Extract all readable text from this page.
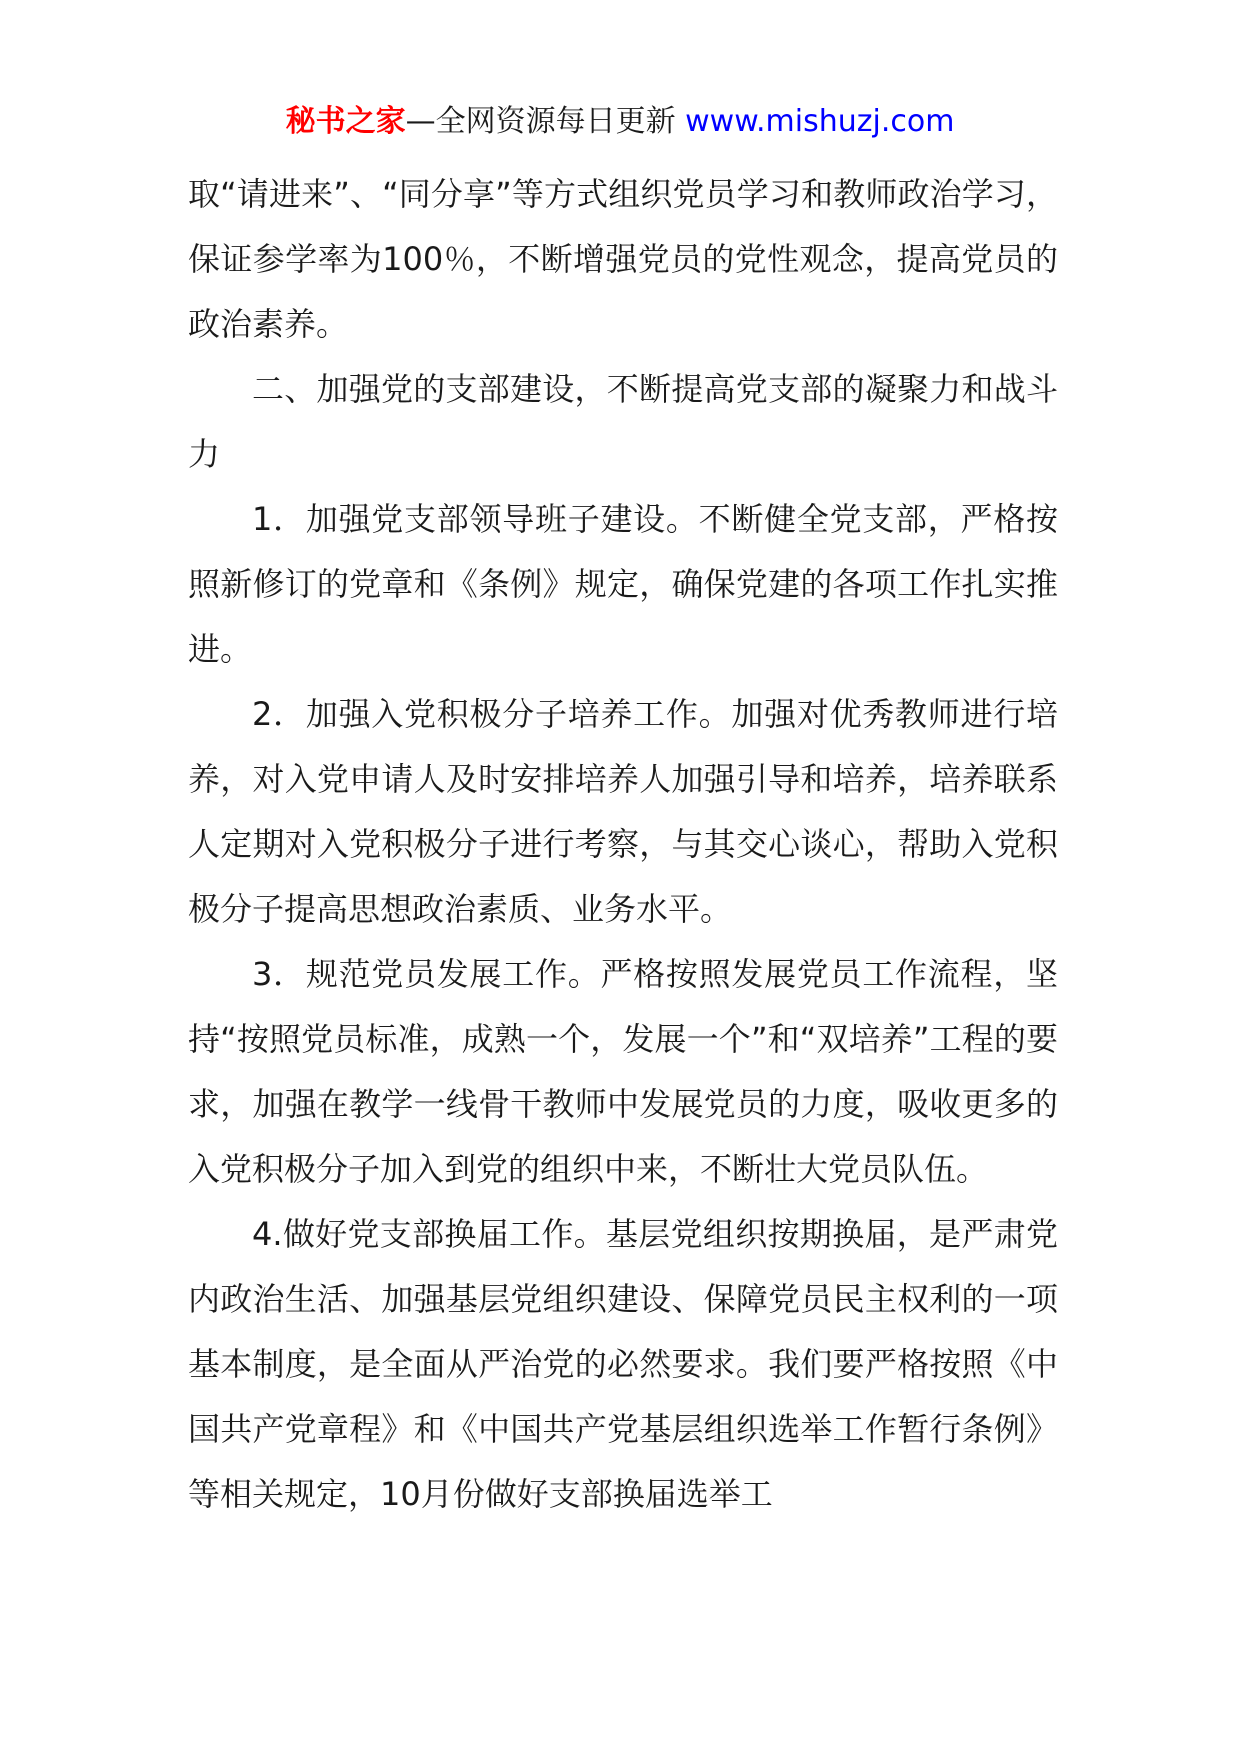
秘书之家—全网资源每日更新 www.mishuzj.com

取“请进来”、“同分享”等方式组织党员学习和教师政治学习，保证参学率为100％，不断增强党员的党性观念，提高党员的政治素养。

二、加强党的支部建设，不断提高党支部的凝聚力和战斗力

1．加强党支部领导班子建设。不断健全党支部，严格按照新修订的党章和《条例》规定，确保党建的各项工作扎实推进。

2．加强入党积极分子培养工作。加强对优秀教师进行培养，对入党申请人及时安排培养人加强引导和培养，培养联系人定期对入党积极分子进行考察，与其交心谈心，帮助入党积极分子提高思想政治素质、业务水平。

3．规范党员发展工作。严格按照发展党员工作流程，坚持“按照党员标准，成熟一个，发展一个”和“双培养”工程的要求，加强在教学一线骨干教师中发展党员的力度，吸收更多的入党积极分子加入到党的组织中来，不断壮大党员队伍。

4.做好党支部换届工作。基层党组织按期换届，是严肃党内政治生活、加强基层党组织建设、保障党员民主权利的一项基本制度，是全面从严治党的必然要求。我们要严格按照《中国共产党章程》和《中国共产党基层组织选举工作暂行条例》等相关规定，10月份做好支部换届选举工
